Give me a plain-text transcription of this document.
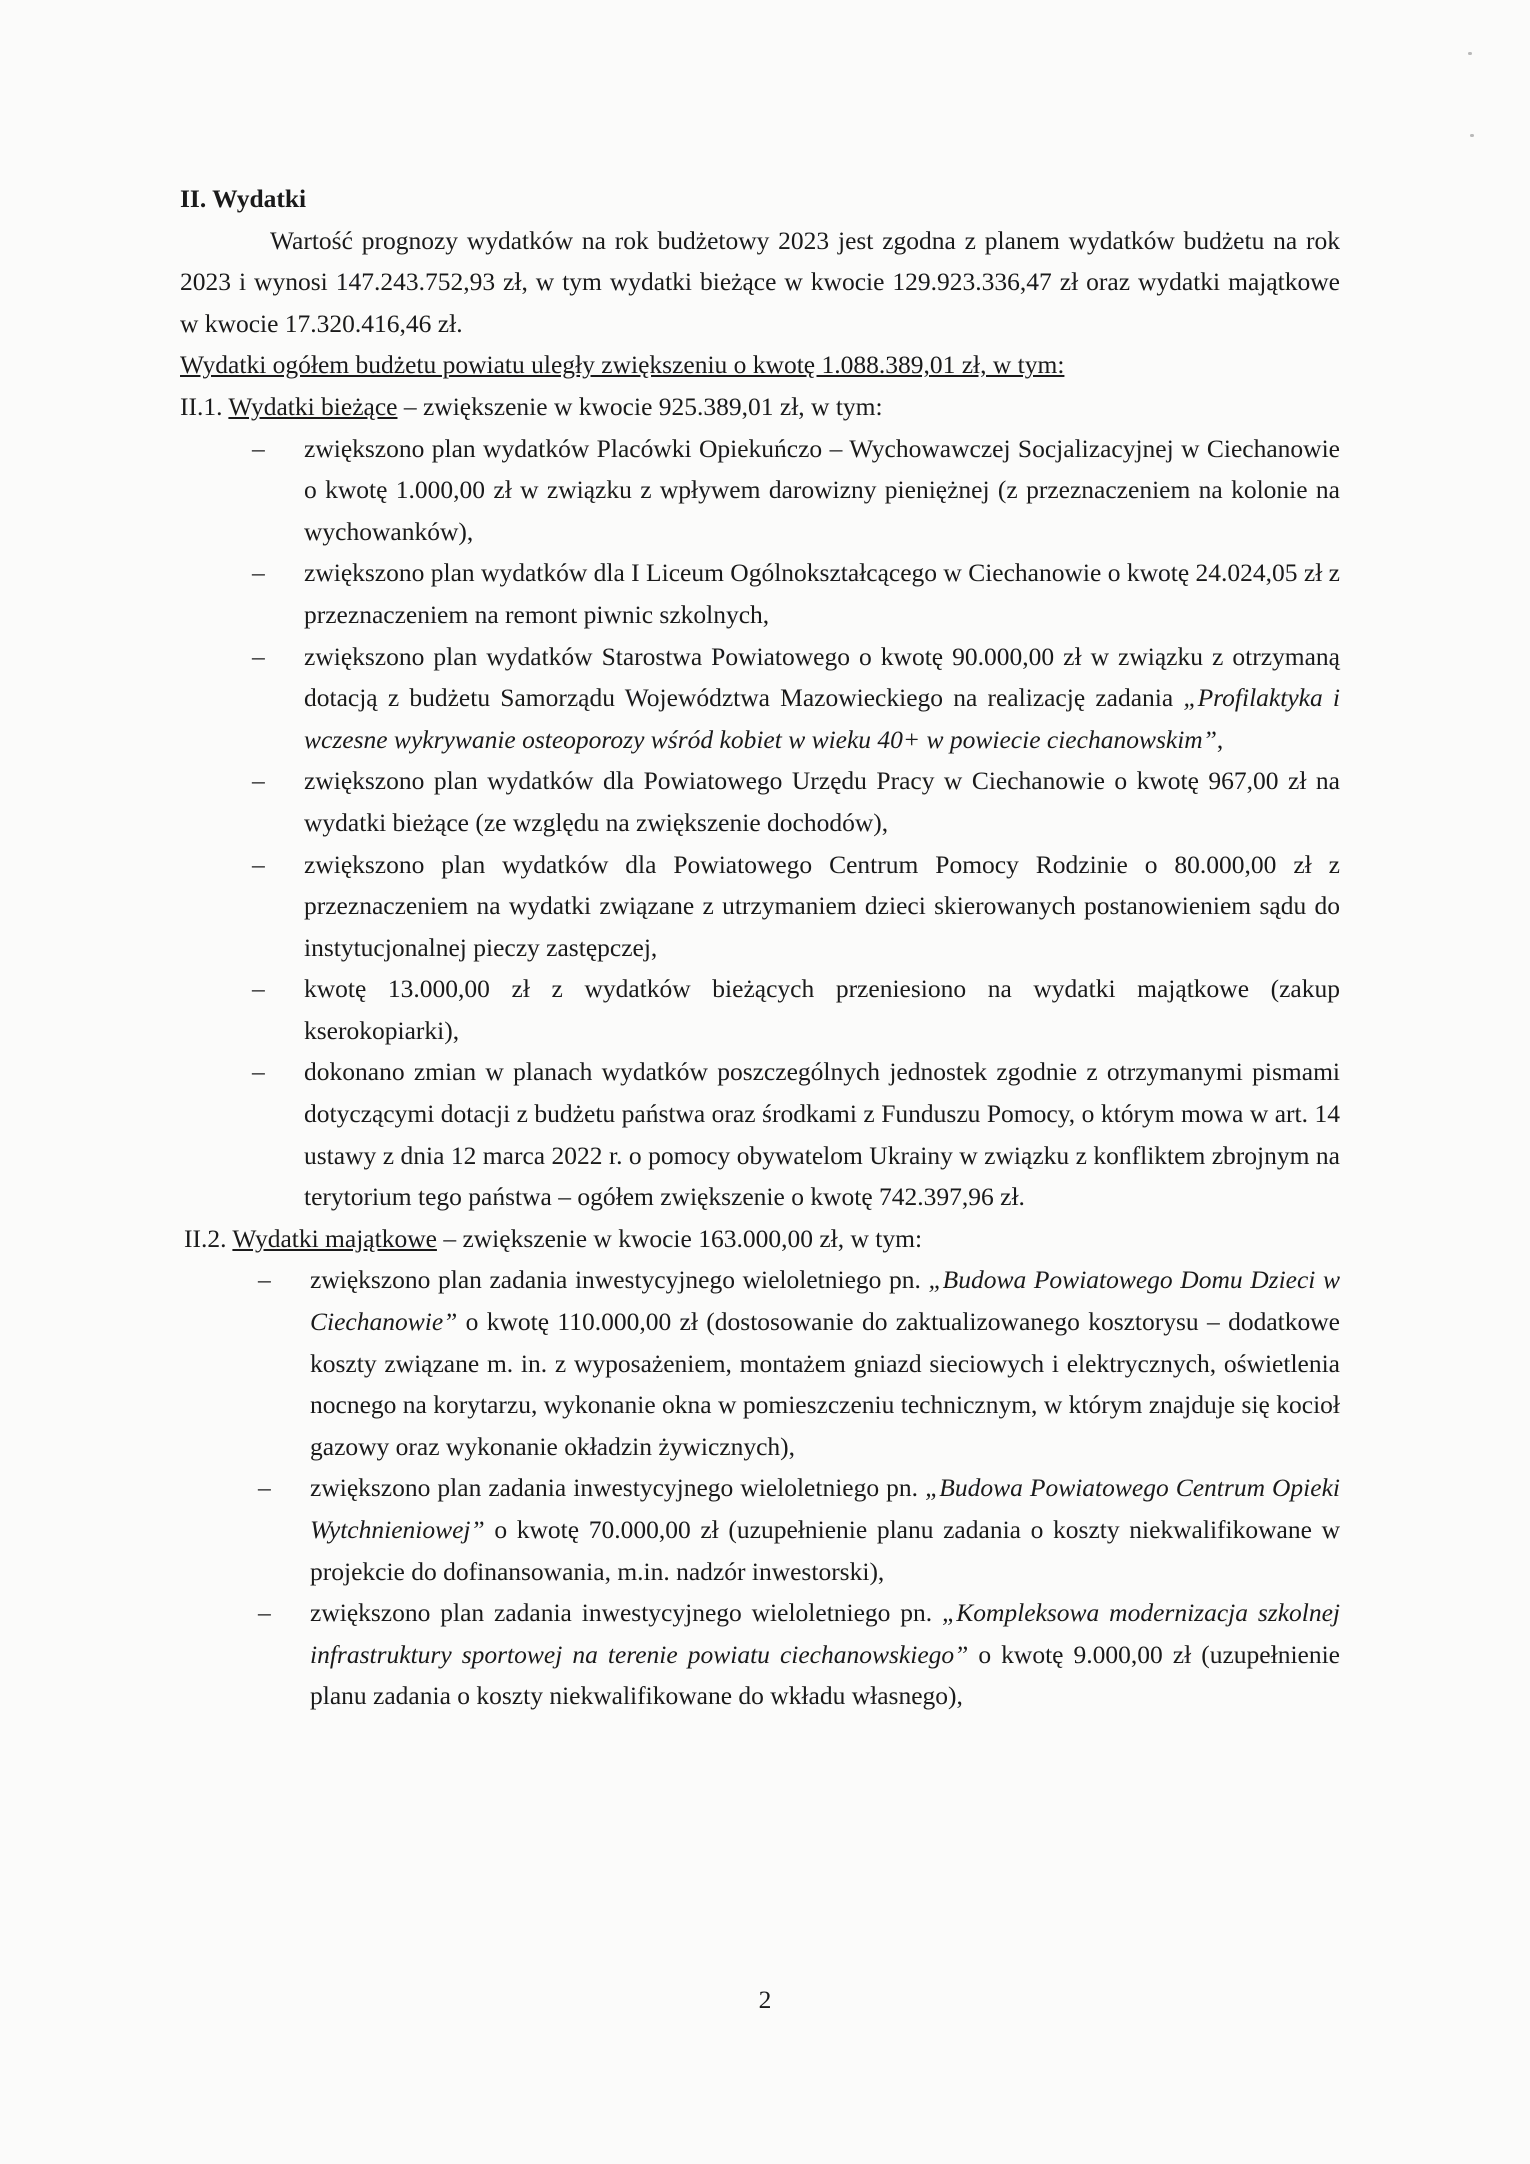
II. Wydatki

Wartość prognozy wydatków na rok budżetowy 2023 jest zgodna z planem wydatków budżetu na rok 2023 i wynosi 147.243.752,93 zł, w tym wydatki bieżące w kwocie 129.923.336,47 zł oraz wydatki majątkowe w kwocie 17.320.416,46 zł.

Wydatki ogółem budżetu powiatu uległy zwiększeniu o kwotę 1.088.389,01 zł, w tym:
II.1. Wydatki bieżące – zwiększenie w kwocie 925.389,01 zł, w tym:
– zwiększono plan wydatków Placówki Opiekuńczo – Wychowawczej Socjalizacyjnej w Ciechanowie o kwotę 1.000,00 zł w związku z wpływem darowizny pieniężnej (z przeznaczeniem na kolonie na wychowanków),
– zwiększono plan wydatków dla I Liceum Ogólnokształcącego w Ciechanowie o kwotę 24.024,05 zł z przeznaczeniem na remont piwnic szkolnych,
– zwiększono plan wydatków Starostwa Powiatowego o kwotę 90.000,00 zł w związku z otrzymaną dotacją z budżetu Samorządu Województwa Mazowieckiego na realizację zadania „Profilaktyka i wczesne wykrywanie osteoporozy wśród kobiet w wieku 40+ w powiecie ciechanowskim”,
– zwiększono plan wydatków dla Powiatowego Urzędu Pracy w Ciechanowie o kwotę 967,00 zł na wydatki bieżące (ze względu na zwiększenie dochodów),
– zwiększono plan wydatków dla Powiatowego Centrum Pomocy Rodzinie o 80.000,00 zł z przeznaczeniem na wydatki związane z utrzymaniem dzieci skierowanych postanowieniem sądu do instytucjonalnej pieczy zastępczej,
– kwotę 13.000,00 zł z wydatków bieżących przeniesiono na wydatki majątkowe (zakup kserokopiarki),
– dokonano zmian w planach wydatków poszczególnych jednostek zgodnie z otrzymanymi pismami dotyczącymi dotacji z budżetu państwa oraz środkami z Funduszu Pomocy, o którym mowa w art. 14 ustawy z dnia 12 marca 2022 r. o pomocy obywatelom Ukrainy w związku z konfliktem zbrojnym na terytorium tego państwa – ogółem zwiększenie o kwotę 742.397,96 zł.
II.2. Wydatki majątkowe – zwiększenie w kwocie 163.000,00 zł, w tym:
– zwiększono plan zadania inwestycyjnego wieloletniego pn. „Budowa Powiatowego Domu Dzieci w Ciechanowie” o kwotę 110.000,00 zł (dostosowanie do zaktualizowanego kosztorysu – dodatkowe koszty związane m. in. z wyposażeniem, montażem gniazd sieciowych i elektrycznych, oświetlenia nocnego na korytarzu, wykonanie okna w pomieszczeniu technicznym, w którym znajduje się kocioł gazowy oraz wykonanie okładzin żywicznych),
– zwiększono plan zadania inwestycyjnego wieloletniego pn. „Budowa Powiatowego Centrum Opieki Wytchnieniowej” o kwotę 70.000,00 zł (uzupełnienie planu zadania o koszty niekwalifikowane w projekcie do dofinansowania, m.in. nadzór inwestorski),
– zwiększono plan zadania inwestycyjnego wieloletniego pn. „Kompleksowa modernizacja szkolnej infrastruktury sportowej na terenie powiatu ciechanowskiego” o kwotę 9.000,00 zł (uzupełnienie planu zadania o koszty niekwalifikowane do wkładu własnego),
2
